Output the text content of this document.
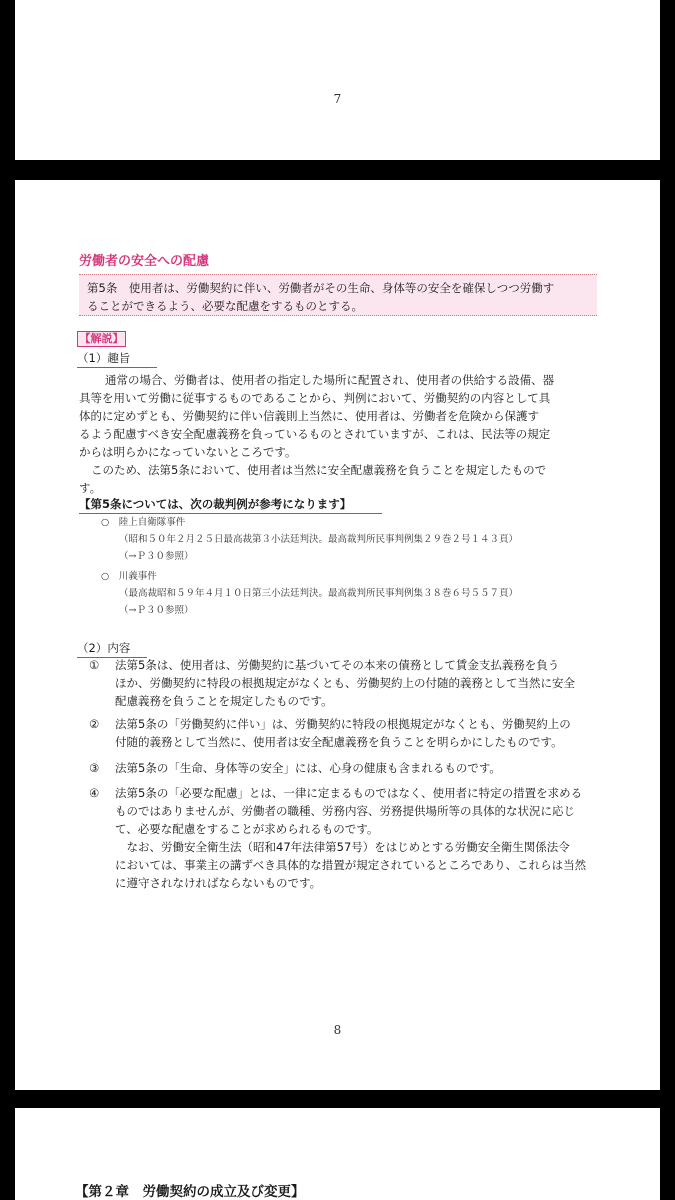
7
労働者の安全への配慮
第5条　使用者は、労働契約に伴い、労働者がその生命、身体等の安全を確保しつつ労働す
ることができるよう、必要な配慮をするものとする。
【解説】
（1）趣旨
通常の場合、労働者は、使用者の指定した場所に配置され、使用者の供給する設備、器
具等を用いて労働に従事するものであることから、判例において、労働契約の内容として具
体的に定めずとも、労働契約に伴い信義則上当然に、使用者は、労働者を危険から保護す
るよう配慮すべき安全配慮義務を負っているものとされていますが、これは、民法等の規定
からは明らかになっていないところです。
このため、法第5条において、使用者は当然に安全配慮義務を負うことを規定したもので
す。
【第5条については、次の裁判例が参考になります】
○　陸上自衛隊事件
（昭和５０年２月２５日最高裁第３小法廷判決。最高裁判所民事判例集２９巻２号１４３頁）
（→Ｐ３０参照）
○　川義事件
（最高裁昭和５９年４月１０日第三小法廷判決。最高裁判所民事判例集３８巻６号５５７頁）
（→Ｐ３０参照）
（2）内容
① 法第5条は、使用者は、労働契約に基づいてその本来の債務として賃金支払義務を負う
ほか、労働契約に特段の根拠規定がなくとも、労働契約上の付随的義務として当然に安全
配慮義務を負うことを規定したものです。
② 法第5条の「労働契約に伴い」は、労働契約に特段の根拠規定がなくとも、労働契約上の
付随的義務として当然に、使用者は安全配慮義務を負うことを明らかにしたものです。
③ 法第5条の「生命、身体等の安全」には、心身の健康も含まれるものです。
④ 法第5条の「必要な配慮」とは、一律に定まるものではなく、使用者に特定の措置を求める
ものではありませんが、労働者の職種、労務内容、労務提供場所等の具体的な状況に応じ
て、必要な配慮をすることが求められるものです。
　なお、労働安全衛生法（昭和47年法律第57号）をはじめとする労働安全衛生関係法令
においては、事業主の講ずべき具体的な措置が規定されているところであり、これらは当然
に遵守されなければならないものです。
8
【第２章　労働契約の成立及び変更】
